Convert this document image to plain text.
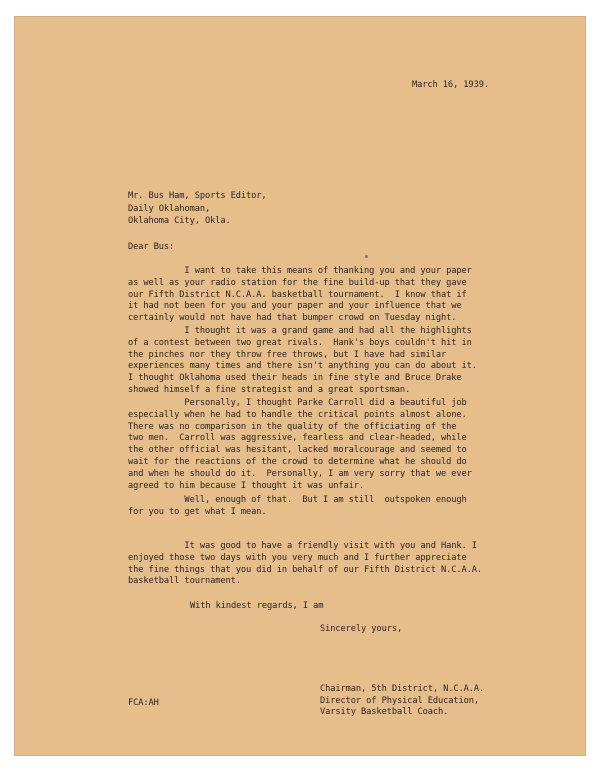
March 16, 1939.

Mr. Bus Ham, Sports Editor,
Daily Oklahoman,
Oklahoma City, Okla.

Dear Bus:

I want to take this means of thanking you and your paper
as well as your radio station for the fine build-up that they gave
our Fifth District N.C.A.A. basketball tournament.  I know that if
it had not been for you and your paper and your influence that we
certainly would not have had that bumper crowd on Tuesday night.

I thought it was a grand game and had all the highlights
of a contest between two great rivals.  Hank's boys couldn't hit in
the pinches nor they throw free throws, but I have had similar
experiences many times and there isn't anything you can do about it.
I thought Oklahoma used their heads in fine style and Bruce Drake
showed himself a fine strategist and a great sportsman.

Personally, I thought Parke Carroll did a beautiful job
especially when he had to handle the critical points almost alone.
There was no comparison in the quality of the officiating of the
two men.  Carroll was aggressive, fearless and clear-headed, while
the other official was hesitant, lacked moralcourage and seemed to
wait for the reactions of the crowd to determine what he should do
and when he should do it.  Personally, I am very sorry that we ever
agreed to him because I thought it was unfair.

Well, enough of that.  But I am still  outspoken enough
for you to get what I mean.

It was good to have a friendly visit with you and Hank. I
enjoyed those two days with you very much and I further appreciate
the fine things that you did in behalf of our Fifth District N.C.A.A.
basketball tournament.

With kindest regards, I am

Sincerely yours,

Chairman, 5th District, N.C.A.A.
Director of Physical Education,
Varsity Basketball Coach.

FCA:AH
